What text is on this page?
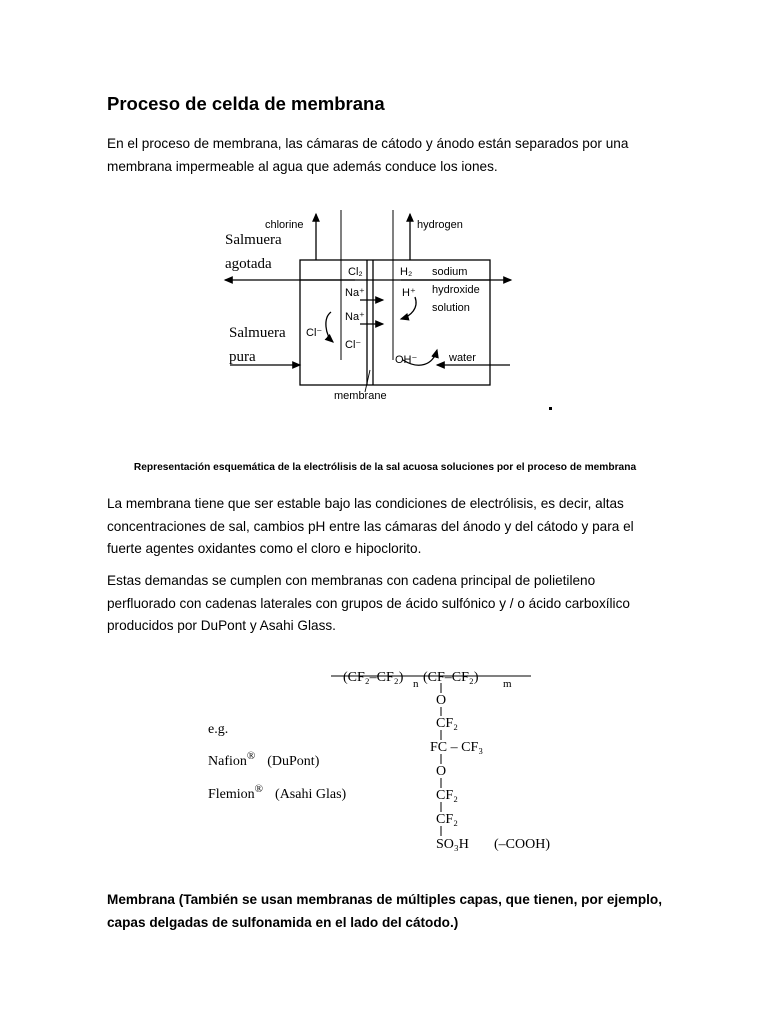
Proceso de celda de membrana

En el proceso de membrana, las cámaras de cátodo y ánodo están separados por una
membrana impermeable al agua que además conduce los iones.

chlorine	hydrogen
Cl₂	H₂
Na⁺
Na⁺
H⁺
Cl⁻
Cl⁻
OH⁻
sodium
hydroxide
solution
water
membrane
Salmuera
agotada
Salmuera
pura

Representación esquemática de la electrólisis de la sal acuosa soluciones por el proceso de membrana

La membrana tiene que ser estable bajo las condiciones de electrólisis, es decir, altas
concentraciones de sal, cambios pH entre las cámaras del ánodo y del cátodo y para el
fuerte agentes oxidantes como el cloro e hipoclorito.

Estas demandas se cumplen con membranas con cadena principal de polietileno
perfluorado con cadenas laterales con grupos de ácido sulfónico y / o ácido carboxílico
producidos por DuPont y Asahi Glass.

(CF₂–CF₂) n (CF–CF₂) m
O
CF₂
FC – CF₃
O
CF₂
CF₂
SO₃H (–COOH)
e.g.
Nafion® (DuPont)
Flemion® (Asahi Glas)

Membrana (También se usan membranas de múltiples capas, que tienen, por ejemplo,
capas delgadas de sulfonamida en el lado del cátodo.)
